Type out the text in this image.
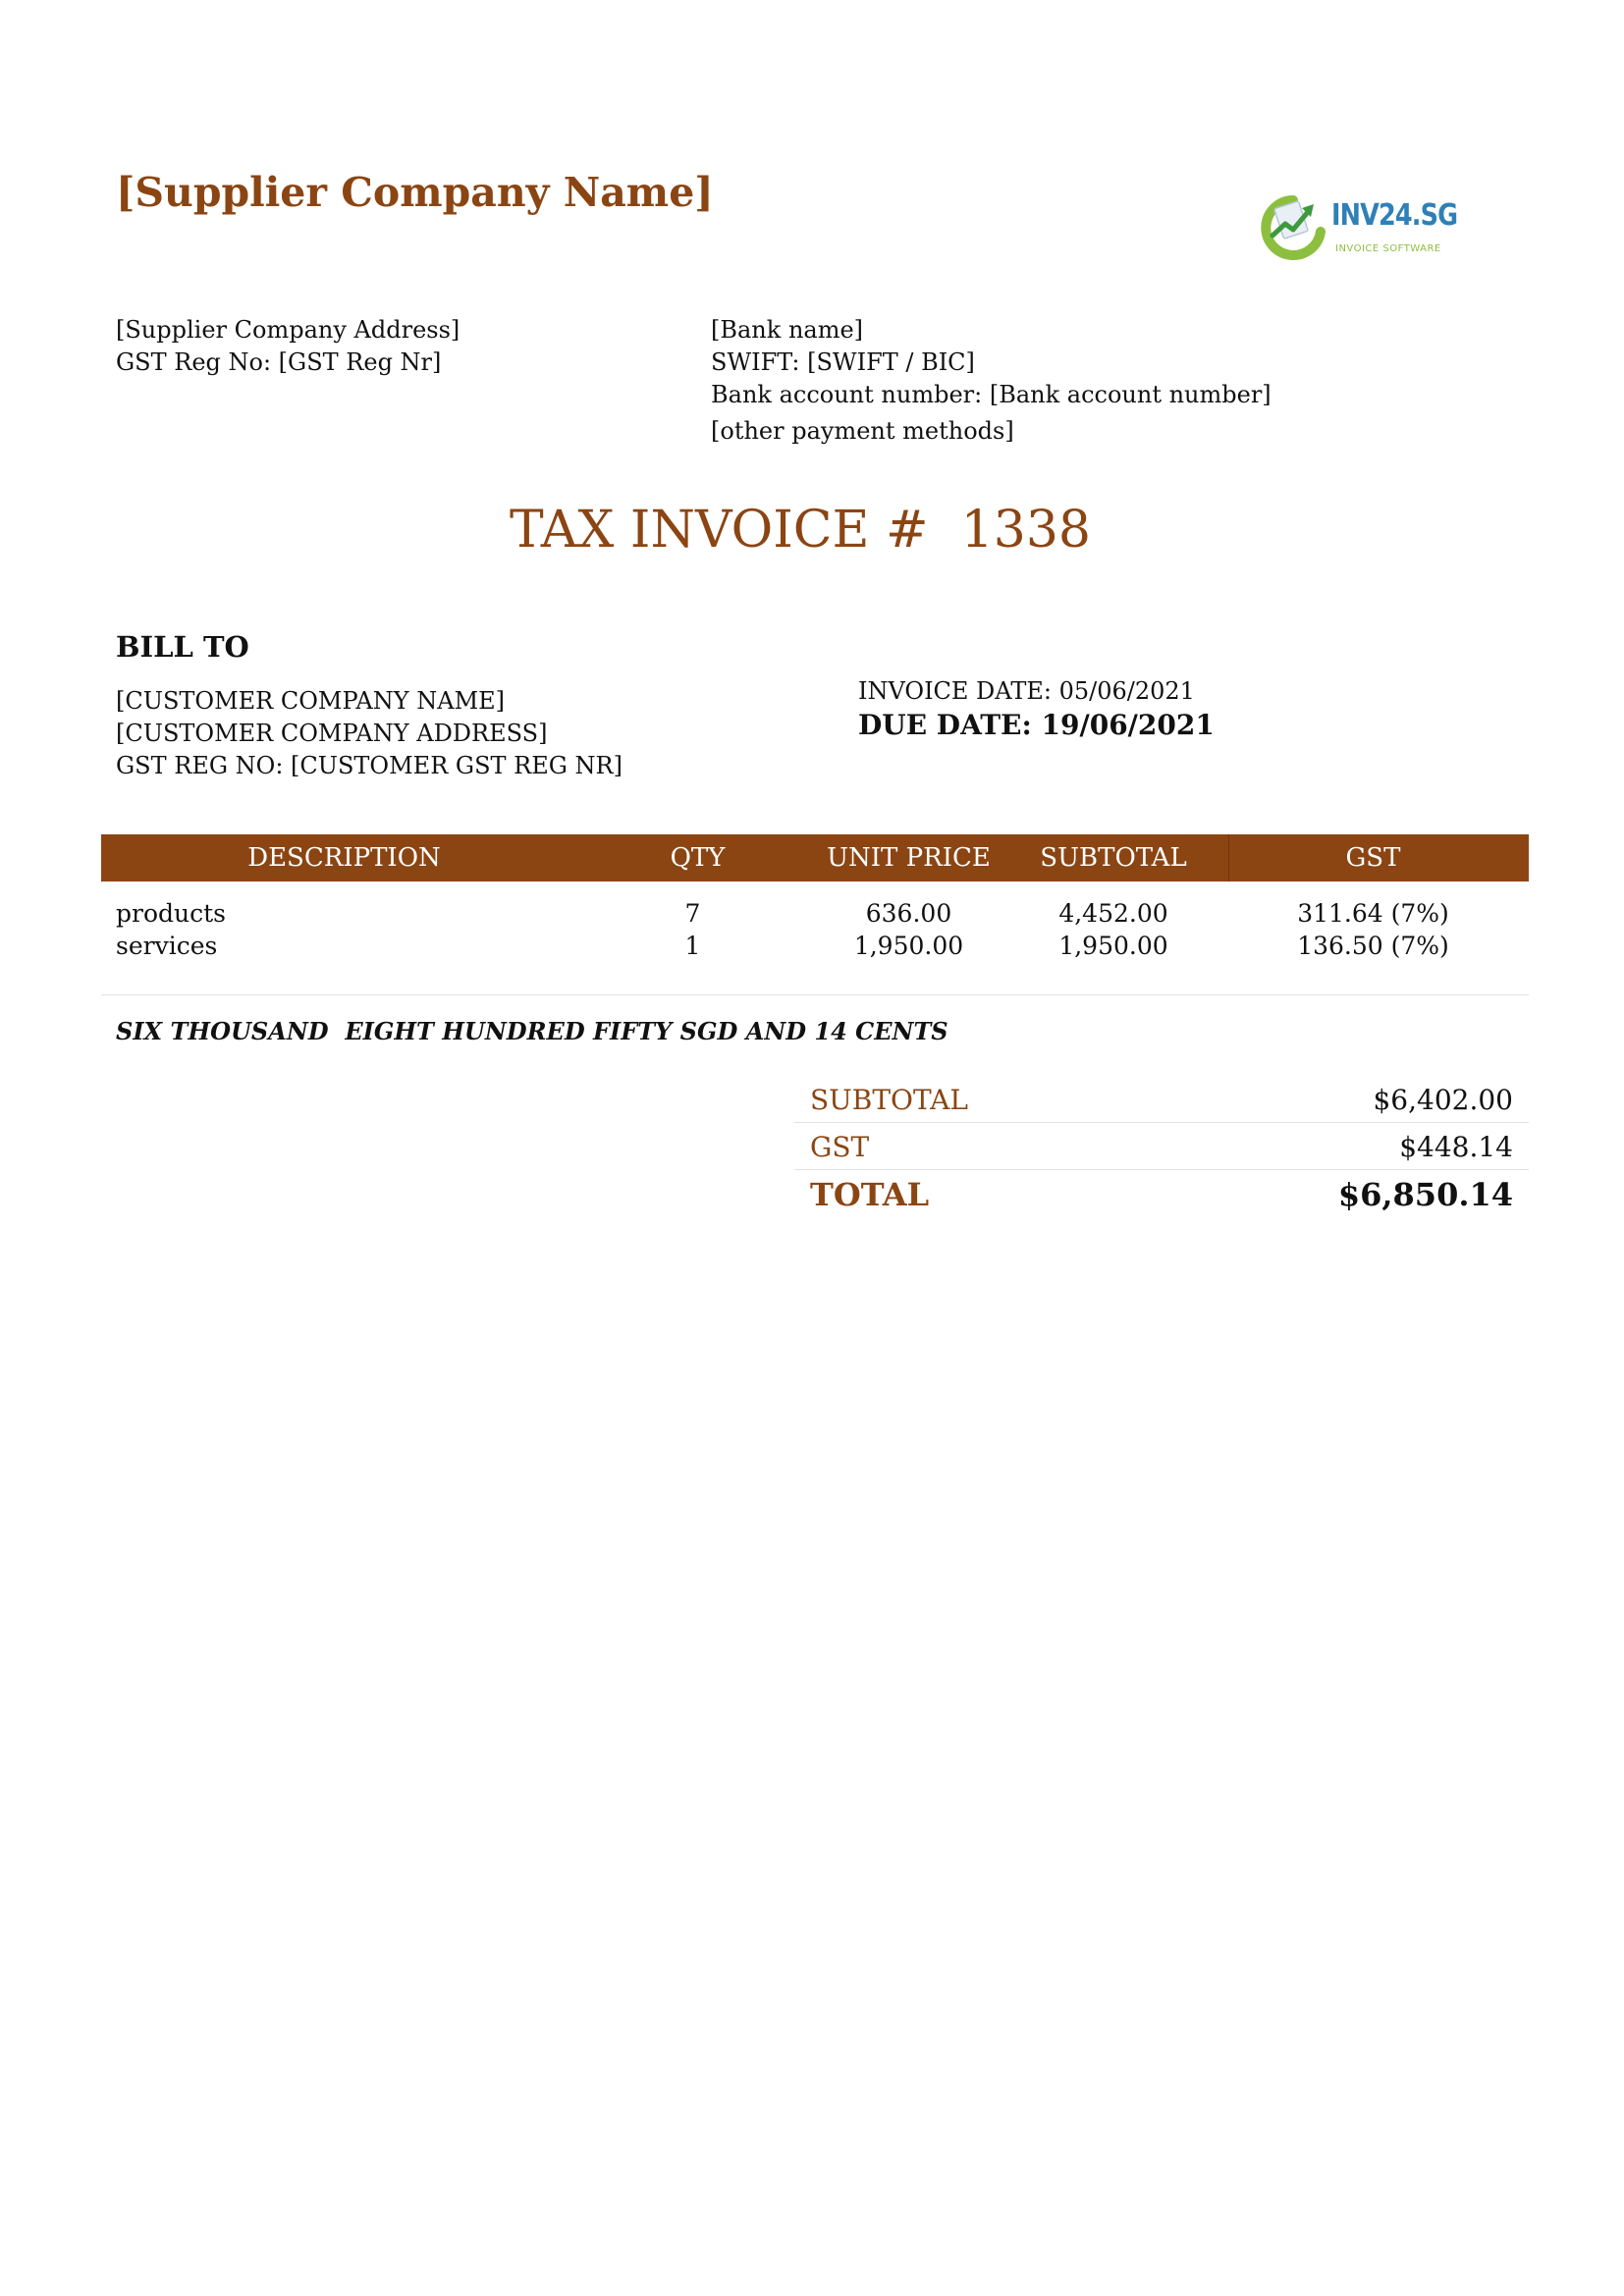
[Supplier Company Name]	INV24.SG
INVOICE SOFTWARE
[Supplier Company Address]
GST Reg No: [GST Reg Nr]
[Bank name]
SWIFT: [SWIFT / BIC]
Bank account number: [Bank account number]
[other payment methods]
TAX INVOICE #  1338
BILL TO
[CUSTOMER COMPANY NAME]
[CUSTOMER COMPANY ADDRESS]
GST REG NO: [CUSTOMER GST REG NR]
INVOICE DATE: 05/06/2021
DUE DATE: 19/06/2021
DESCRIPTION	QTY	UNIT PRICE	SUBTOTAL	GST
products	7	636.00	4,452.00	311.64 (7%)
services	1	1,950.00	1,950.00	136.50 (7%)
SIX THOUSAND  EIGHT HUNDRED FIFTY SGD AND 14 CENTS
SUBTOTAL	$6,402.00
GST	$448.14
TOTAL	$6,850.14
